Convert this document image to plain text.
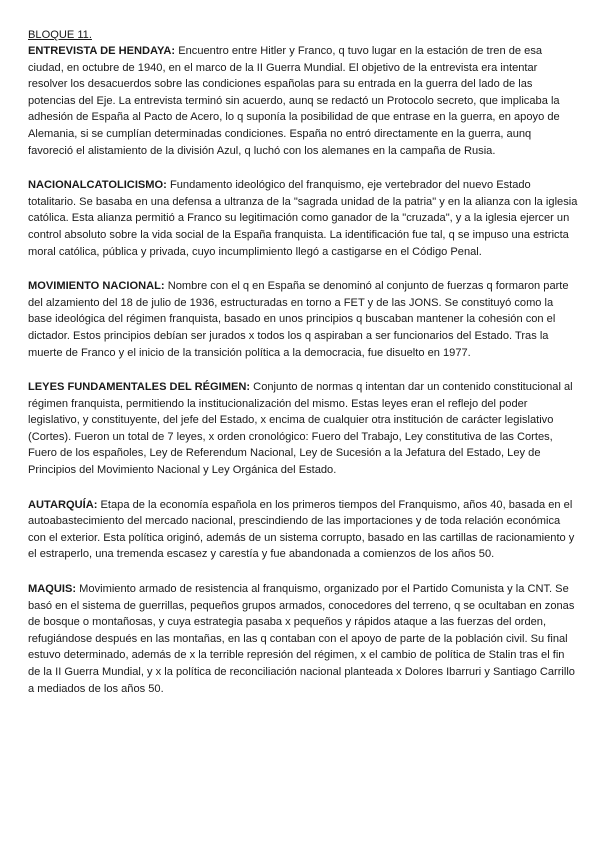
BLOQUE 11.

ENTREVISTA DE HENDAYA: Encuentro entre Hitler y Franco, q tuvo lugar en la estación de tren de esa ciudad, en octubre de 1940, en el marco de la II Guerra Mundial. El objetivo de la entrevista era intentar resolver los desacuerdos sobre las condiciones españolas para su entrada en la guerra del lado de las potencias del Eje. La entrevista terminó sin acuerdo, aunq se redactó un Protocolo secreto, que implicaba la adhesión de España al Pacto de Acero, lo q suponía la posibilidad de que entrase en la guerra, en apoyo de Alemania, si se cumplían determinadas condiciones. España no entró directamente en la guerra, aunq favoreció el alistamiento de la división Azul, q luchó con los alemanes en la campaña de Rusia.

NACIONALCATOLICISMO: Fundamento ideológico del franquismo, eje vertebrador del nuevo Estado totalitario. Se basaba en una defensa a ultranza de la "sagrada unidad de la patria" y en la alianza con la iglesia católica. Esta alianza permitió a Franco su legitimación como ganador de la "cruzada", y a la iglesia ejercer un control absoluto sobre la vida social de la España franquista. La identificación fue tal, q se impuso una estricta moral católica, pública y privada, cuyo incumplimiento llegó a castigarse en el Código Penal.

MOVIMIENTO NACIONAL: Nombre con el q en España se denominó al conjunto de fuerzas q formaron parte del alzamiento del 18 de julio de 1936, estructuradas en torno a FET y de las JONS. Se constituyó como la base ideológica del régimen franquista, basado en unos principios q buscaban mantener la cohesión con el dictador. Estos principios debían ser jurados x todos los q aspiraban a ser funcionarios del Estado. Tras la muerte de Franco y el inicio de la transición política a la democracia, fue disuelto en 1977.

LEYES FUNDAMENTALES DEL RÉGIMEN: Conjunto de normas q intentan dar un contenido constitucional al régimen franquista, permitiendo la institucionalización del mismo. Estas leyes eran el reflejo del poder legislativo, y constituyente, del jefe del Estado, x encima de cualquier otra institución de carácter legislativo (Cortes). Fueron un total de 7 leyes, x orden cronológico: Fuero del Trabajo, Ley constitutiva de las Cortes, Fuero de los españoles, Ley de Referendum Nacional, Ley de Sucesión a la Jefatura del Estado, Ley de Principios del Movimiento Nacional y Ley Orgánica del Estado.

AUTARQUÍA: Etapa de la economía española en los primeros tiempos del Franquismo, años 40, basada en el autoabastecimiento del mercado nacional, prescindiendo de las importaciones y de toda relación económica con el exterior. Esta política originó, además de un sistema corrupto, basado en las cartillas de racionamiento y el estraperlo, una tremenda escasez y carestía y fue abandonada a comienzos de los años 50.

MAQUIS: Movimiento armado de resistencia al franquismo, organizado por el Partido Comunista y la CNT. Se basó en el sistema de guerrillas, pequeños grupos armados, conocedores del terreno, q se ocultaban en zonas de bosque o montañosas, y cuya estrategia pasaba x pequeños y rápidos ataque a las fuerzas del orden, refugiándose después en las montañas, en las q contaban con el apoyo de parte de la población civil. Su final estuvo determinado, además de x la terrible represión del régimen, x el cambio de política de Stalin tras el fin de la II Guerra Mundial, y x la política de reconciliación nacional planteada x Dolores Ibarruri y Santiago Carrillo a mediados de los años 50.
